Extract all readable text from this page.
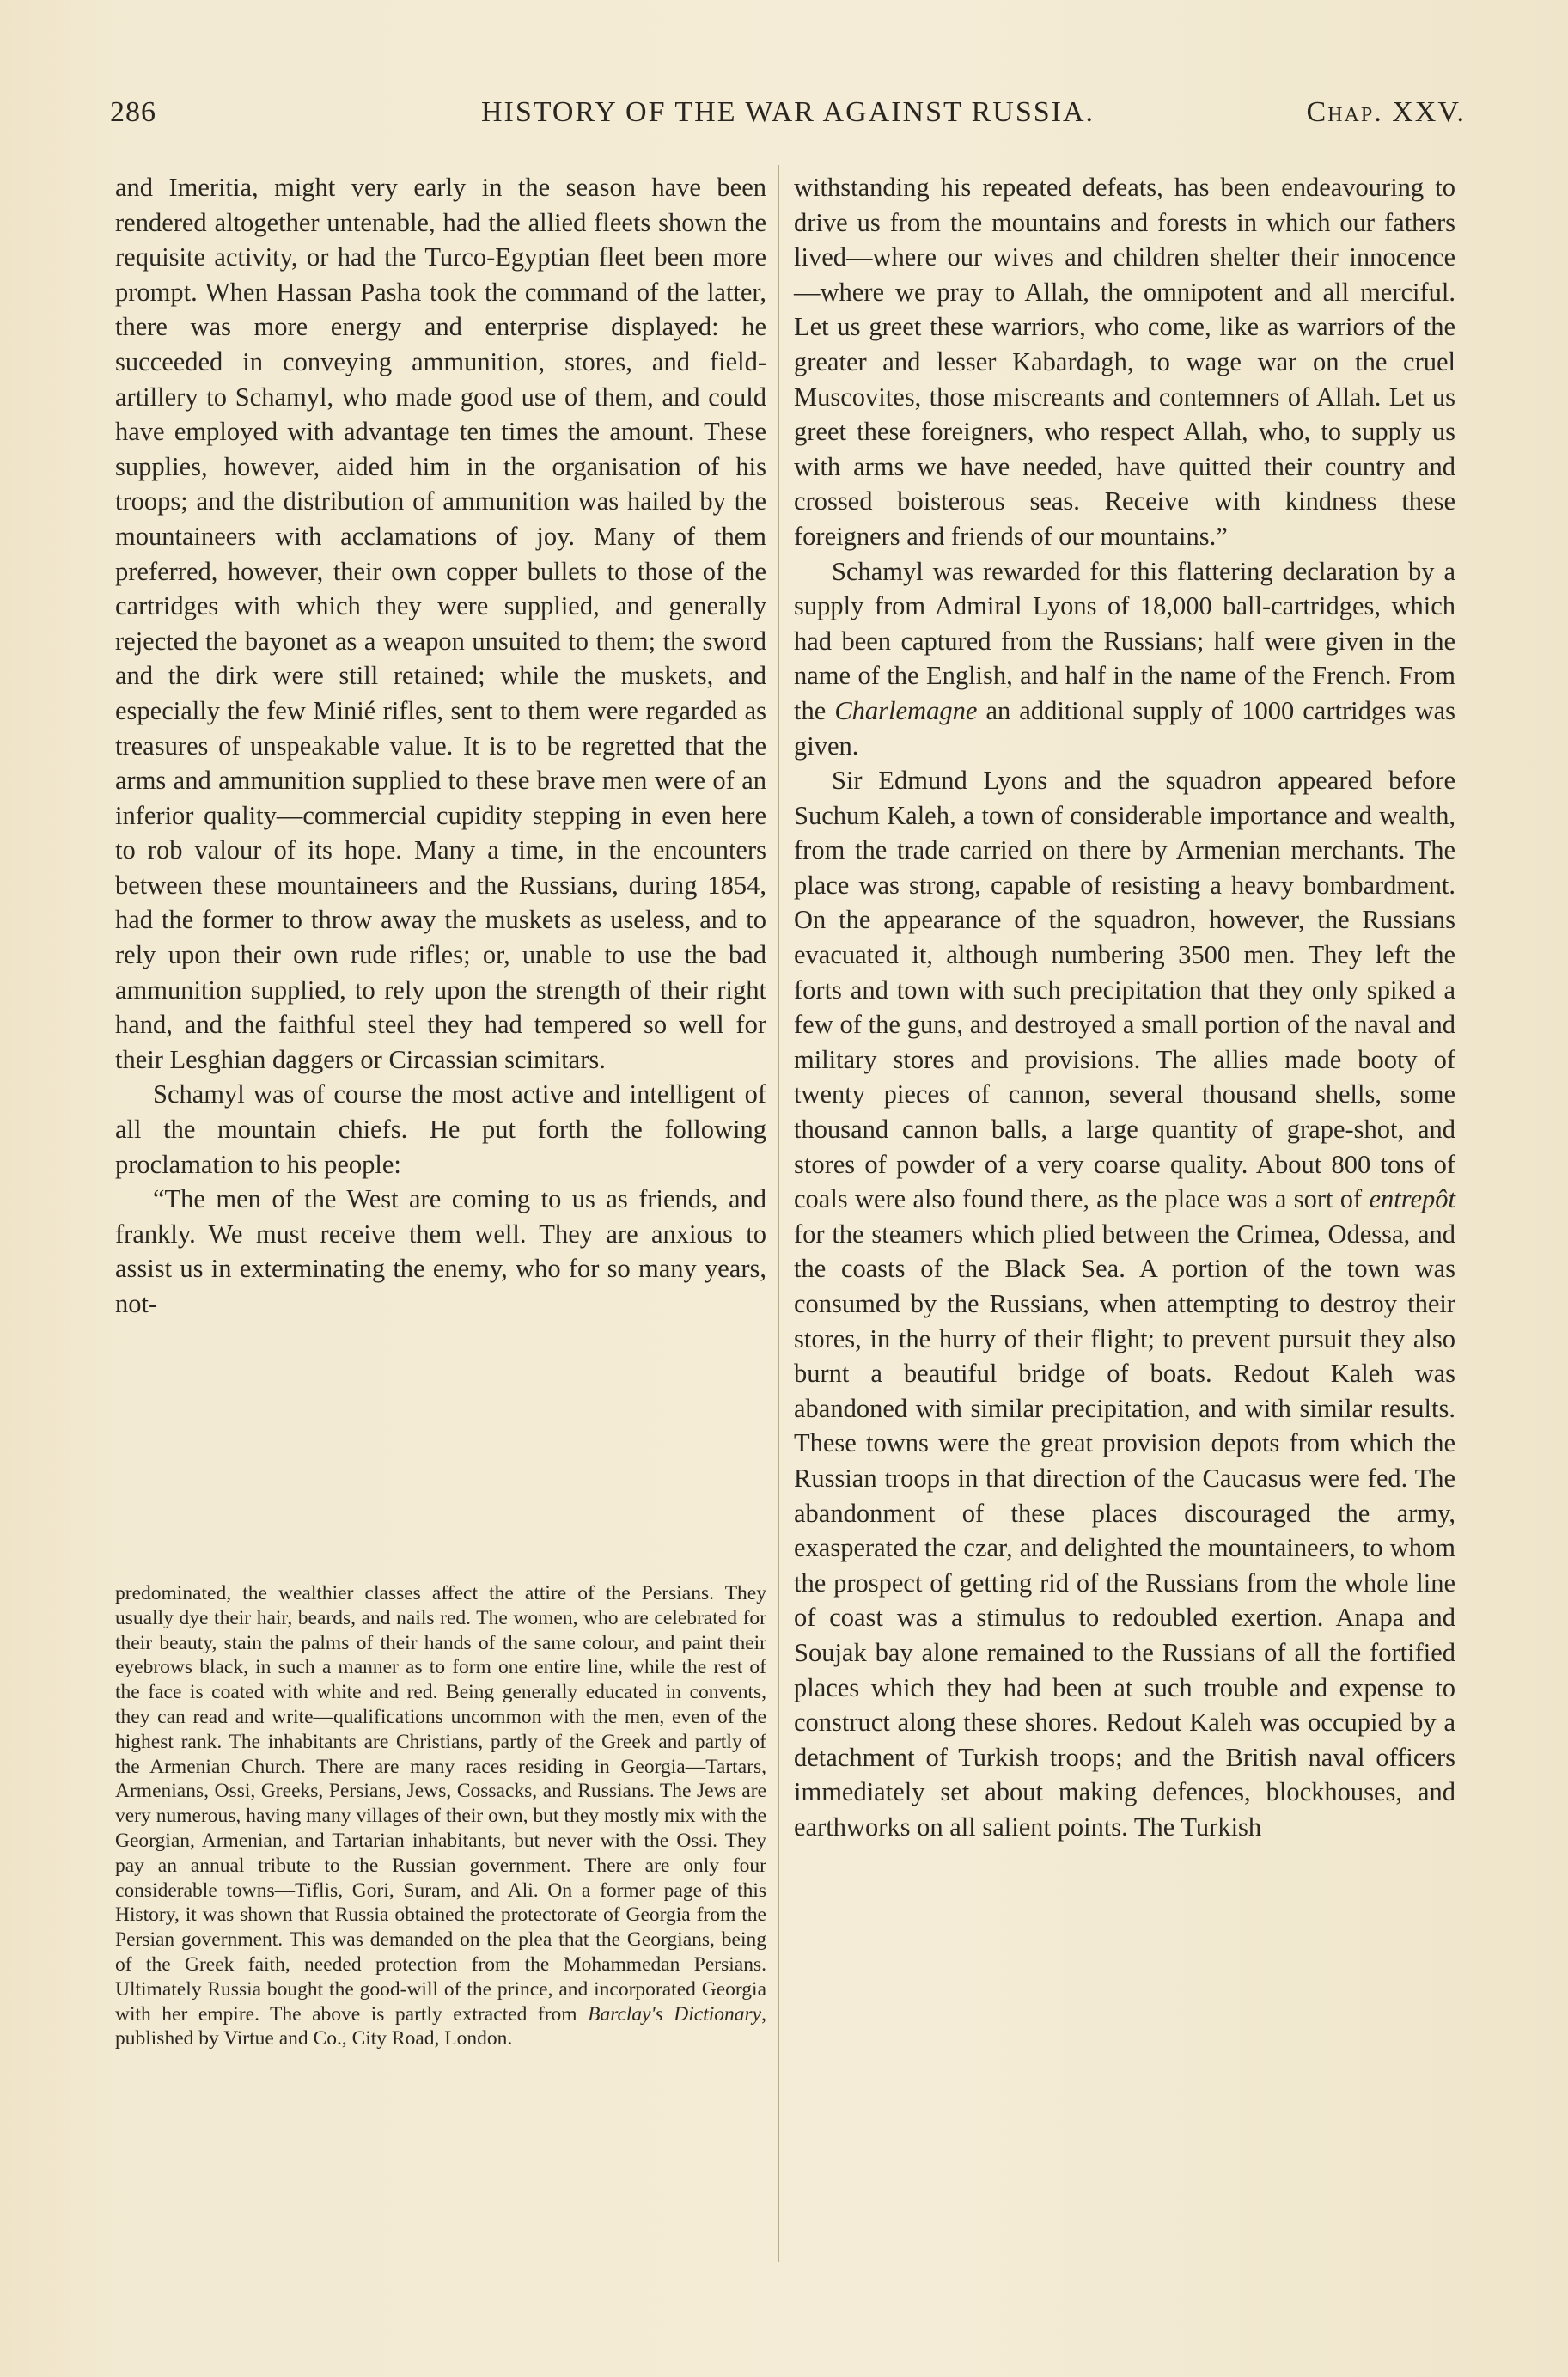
286	HISTORY OF THE WAR AGAINST RUSSIA.	Chap. XXV.

and Imeritia, might very early in the season have been rendered altogether untenable, had the allied fleets shown the requisite activity, or had the Turco-Egyptian fleet been more prompt. When Hassan Pasha took the command of the latter, there was more energy and enterprise displayed: he succeeded in conveying ammunition, stores, and field-artillery to Schamyl, who made good use of them, and could have employed with advantage ten times the amount. These supplies, however, aided him in the organisation of his troops; and the distribution of ammunition was hailed by the mountaineers with acclamations of joy. Many of them preferred, however, their own copper bullets to those of the cartridges with which they were supplied, and generally rejected the bayonet as a weapon unsuited to them; the sword and the dirk were still retained; while the muskets, and especially the few Minié rifles, sent to them were regarded as treasures of unspeakable value. It is to be regretted that the arms and ammunition supplied to these brave men were of an inferior quality—commercial cupidity stepping in even here to rob valour of its hope. Many a time, in the encounters between these mountaineers and the Russians, during 1854, had the former to throw away the muskets as useless, and to rely upon their own rude rifles; or, unable to use the bad ammunition supplied, to rely upon the strength of their right hand, and the faithful steel they had tempered so well for their Lesghian daggers or Circassian scimitars.

Schamyl was of course the most active and intelligent of all the mountain chiefs. He put forth the following proclamation to his people:

“The men of the West are coming to us as friends, and frankly. We must receive them well. They are anxious to assist us in exterminating the enemy, who for so many years, not-

predominated, the wealthier classes affect the attire of the Persians. They usually dye their hair, beards, and nails red. The women, who are celebrated for their beauty, stain the palms of their hands of the same colour, and paint their eyebrows black, in such a manner as to form one entire line, while the rest of the face is coated with white and red. Being generally educated in convents, they can read and write—qualifications uncommon with the men, even of the highest rank. The inhabitants are Christians, partly of the Greek and partly of the Armenian Church. There are many races residing in Georgia—Tartars, Armenians, Ossi, Greeks, Persians, Jews, Cossacks, and Russians. The Jews are very numerous, having many villages of their own, but they mostly mix with the Georgian, Armenian, and Tartarian inhabitants, but never with the Ossi. They pay an annual tribute to the Russian government. There are only four considerable towns—Tiflis, Gori, Suram, and Ali. On a former page of this History, it was shown that Russia obtained the protectorate of Georgia from the Persian government. This was demanded on the plea that the Georgians, being of the Greek faith, needed protection from the Mohammedan Persians. Ultimately Russia bought the good-will of the prince, and incorporated Georgia with her empire. The above is partly extracted from Barclay's Dictionary, published by Virtue and Co., City Road, London.

withstanding his repeated defeats, has been endeavouring to drive us from the mountains and forests in which our fathers lived—where our wives and children shelter their innocence —where we pray to Allah, the omnipotent and all merciful. Let us greet these warriors, who come, like as warriors of the greater and lesser Kabardagh, to wage war on the cruel Muscovites, those miscreants and contemners of Allah. Let us greet these foreigners, who respect Allah, who, to supply us with arms we have needed, have quitted their country and crossed boisterous seas. Receive with kindness these foreigners and friends of our mountains.”

Schamyl was rewarded for this flattering declaration by a supply from Admiral Lyons of 18,000 ball-cartridges, which had been captured from the Russians; half were given in the name of the English, and half in the name of the French. From the Charlemagne an additional supply of 1000 cartridges was given.

Sir Edmund Lyons and the squadron appeared before Suchum Kaleh, a town of considerable importance and wealth, from the trade carried on there by Armenian merchants. The place was strong, capable of resisting a heavy bombardment. On the appearance of the squadron, however, the Russians evacuated it, although numbering 3500 men. They left the forts and town with such precipitation that they only spiked a few of the guns, and destroyed a small portion of the naval and military stores and provisions. The allies made booty of twenty pieces of cannon, several thousand shells, some thousand cannon balls, a large quantity of grape-shot, and stores of powder of a very coarse quality. About 800 tons of coals were also found there, as the place was a sort of entrepôt for the steamers which plied between the Crimea, Odessa, and the coasts of the Black Sea. A portion of the town was consumed by the Russians, when attempting to destroy their stores, in the hurry of their flight; to prevent pursuit they also burnt a beautiful bridge of boats. Redout Kaleh was abandoned with similar precipitation, and with similar results. These towns were the great provision depots from which the Russian troops in that direction of the Caucasus were fed. The abandonment of these places discouraged the army, exasperated the czar, and delighted the mountaineers, to whom the prospect of getting rid of the Russians from the whole line of coast was a stimulus to redoubled exertion. Anapa and Soujak bay alone remained to the Russians of all the fortified places which they had been at such trouble and expense to construct along these shores. Redout Kaleh was occupied by a detachment of Turkish troops; and the British naval officers immediately set about making defences, blockhouses, and earthworks on all salient points. The Turkish
